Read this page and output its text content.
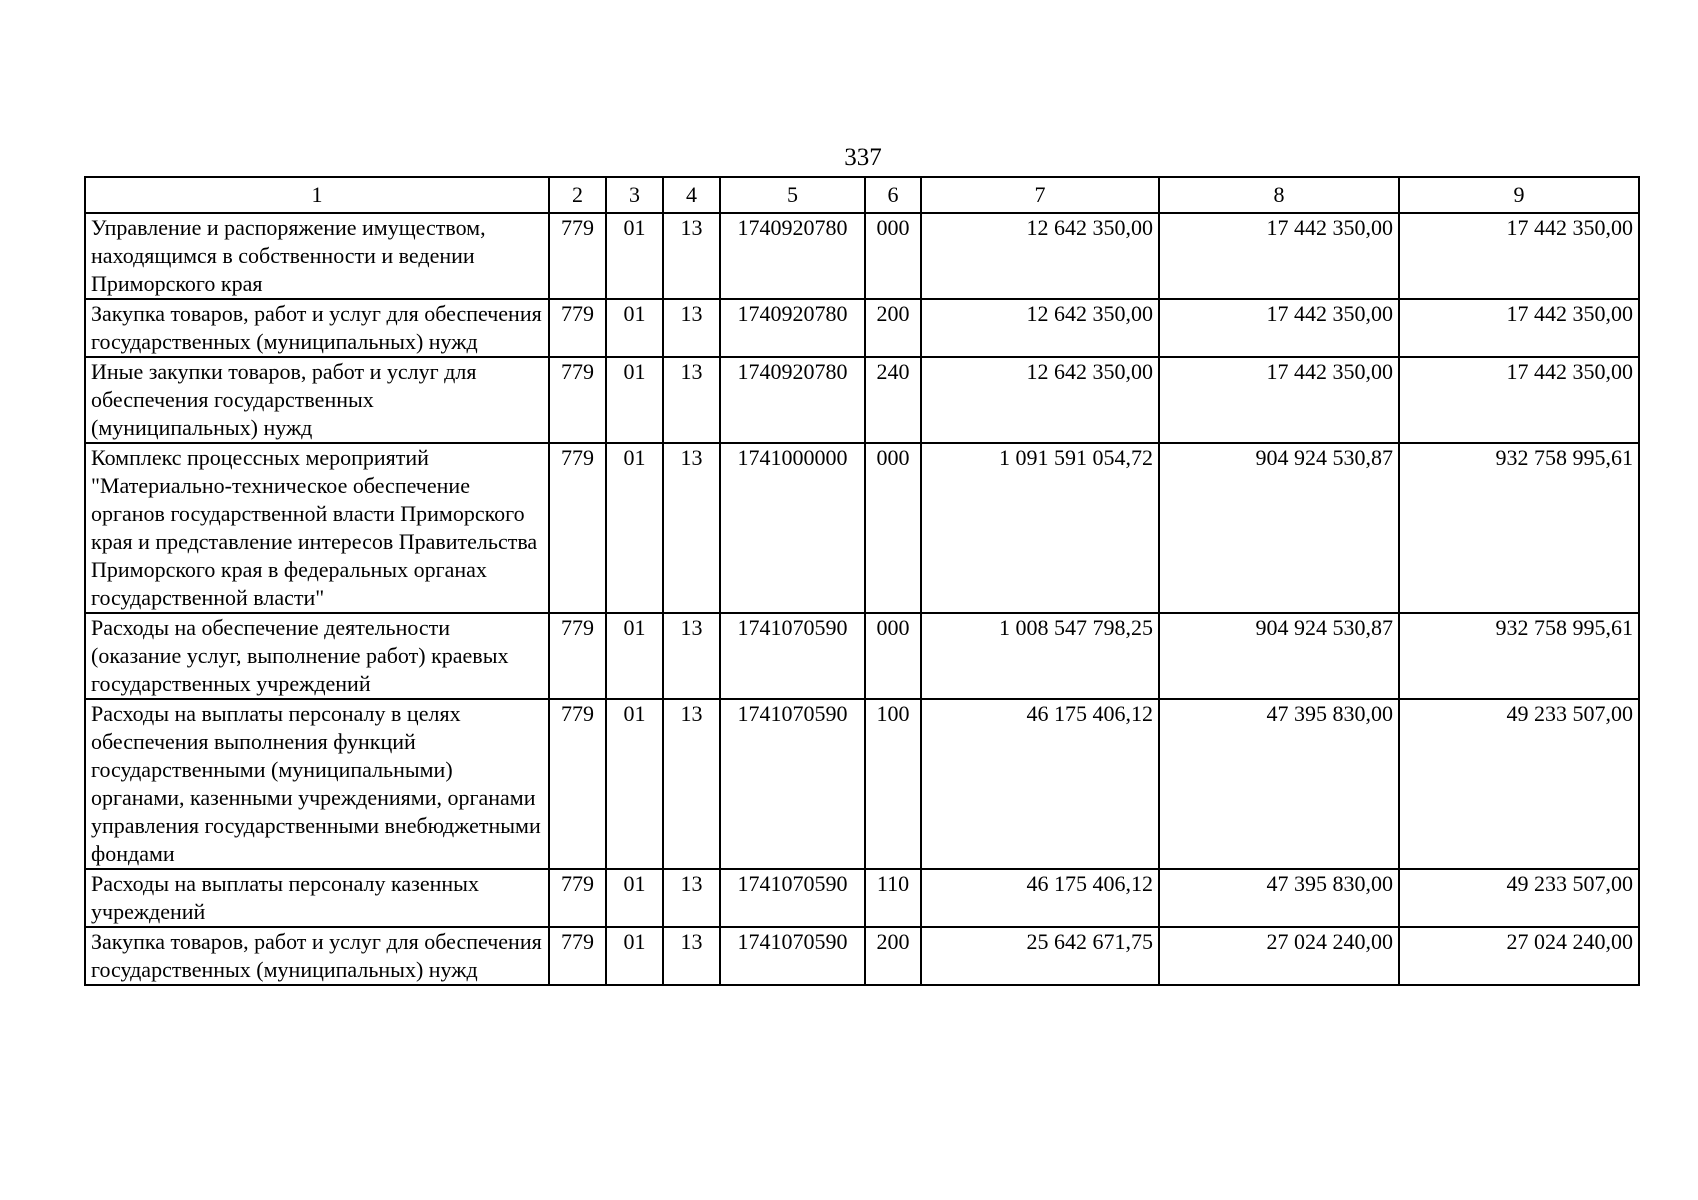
337
1	2	3	4	5	6	7	8	9
Управление и распоряжение имуществом, находящимся в собственности и ведении Приморского края	779	01	13	1740920780	000	12 642 350,00	17 442 350,00	17 442 350,00
Закупка товаров, работ и услуг для обеспечения государственных (муниципальных) нужд	779	01	13	1740920780	200	12 642 350,00	17 442 350,00	17 442 350,00
Иные закупки товаров, работ и услуг для обеспечения государственных (муниципальных) нужд	779	01	13	1740920780	240	12 642 350,00	17 442 350,00	17 442 350,00
Комплекс процессных мероприятий "Материально-техническое обеспечение органов государственной власти Приморского края и представление интересов Правительства Приморского края в федеральных органах государственной власти"	779	01	13	1741000000	000	1 091 591 054,72	904 924 530,87	932 758 995,61
Расходы на обеспечение деятельности (оказание услуг, выполнение работ) краевых государственных учреждений	779	01	13	1741070590	000	1 008 547 798,25	904 924 530,87	932 758 995,61
Расходы на выплаты персоналу в целях обеспечения выполнения функций государственными (муниципальными) органами, казенными учреждениями, органами управления государственными внебюджетными фондами	779	01	13	1741070590	100	46 175 406,12	47 395 830,00	49 233 507,00
Расходы на выплаты персоналу казенных учреждений	779	01	13	1741070590	110	46 175 406,12	47 395 830,00	49 233 507,00
Закупка товаров, работ и услуг для обеспечения государственных (муниципальных) нужд	779	01	13	1741070590	200	25 642 671,75	27 024 240,00	27 024 240,00
